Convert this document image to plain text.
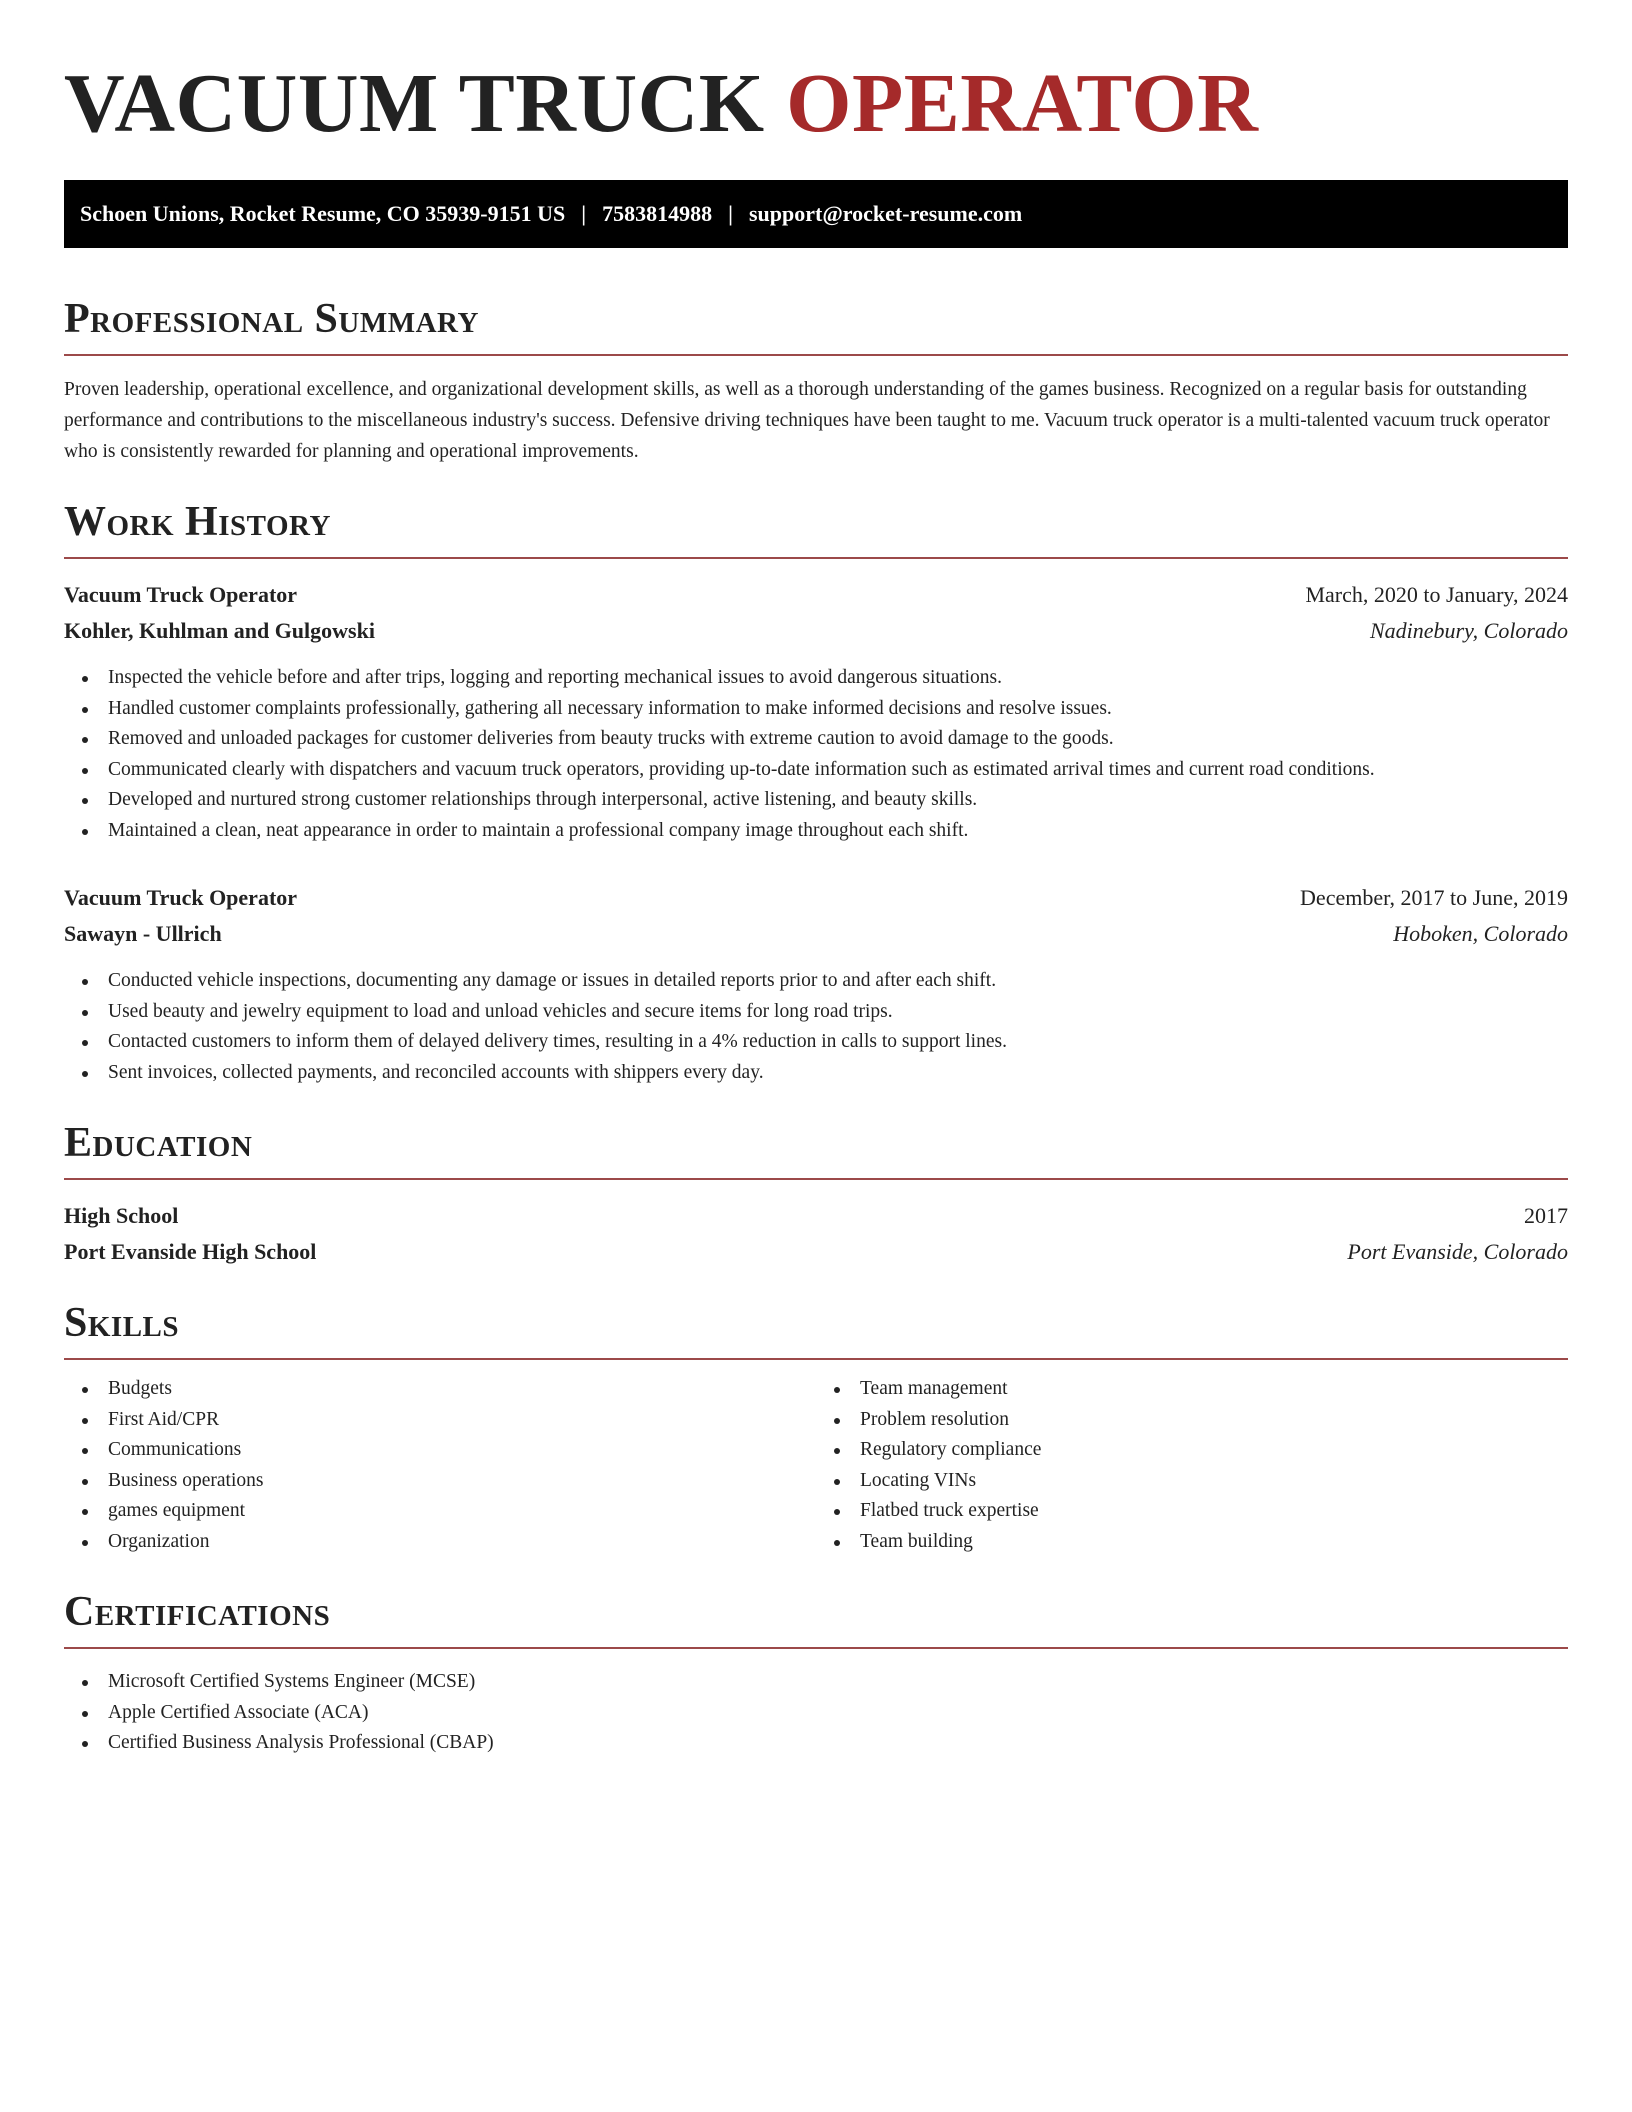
VACUUM TRUCK OPERATOR
Schoen Unions, Rocket Resume, CO 35939-9151 US | 7583814988 | support@rocket-resume.com
Professional Summary

Proven leadership, operational excellence, and organizational development skills, as well as a thorough understanding of the games business. Recognized on a regular basis for outstanding performance and contributions to the miscellaneous industry's success. Defensive driving techniques have been taught to me. Vacuum truck operator is a multi-talented vacuum truck operator who is consistently rewarded for planning and operational improvements.

Work History
Vacuum Truck Operator	March, 2020 to January, 2024
Kohler, Kuhlman and Gulgowski	Nadinebury, Colorado
Inspected the vehicle before and after trips, logging and reporting mechanical issues to avoid dangerous situations.
Handled customer complaints professionally, gathering all necessary information to make informed decisions and resolve issues.
Removed and unloaded packages for customer deliveries from beauty trucks with extreme caution to avoid damage to the goods.
Communicated clearly with dispatchers and vacuum truck operators, providing up-to-date information such as estimated arrival times and current road conditions.
Developed and nurtured strong customer relationships through interpersonal, active listening, and beauty skills.
Maintained a clean, neat appearance in order to maintain a professional company image throughout each shift.
Vacuum Truck Operator	December, 2017 to June, 2019
Sawayn - Ullrich	Hoboken, Colorado
Conducted vehicle inspections, documenting any damage or issues in detailed reports prior to and after each shift.
Used beauty and jewelry equipment to load and unload vehicles and secure items for long road trips.
Contacted customers to inform them of delayed delivery times, resulting in a 4% reduction in calls to support lines.
Sent invoices, collected payments, and reconciled accounts with shippers every day.
Education
High School	2017
Port Evanside High School	Port Evanside, Colorado
Skills
Budgets
First Aid/CPR
Communications
Business operations
games equipment
Organization
Team management
Problem resolution
Regulatory compliance
Locating VINs
Flatbed truck expertise
Team building
Certifications
Microsoft Certified Systems Engineer (MCSE)
Apple Certified Associate (ACA)
Certified Business Analysis Professional (CBAP)
